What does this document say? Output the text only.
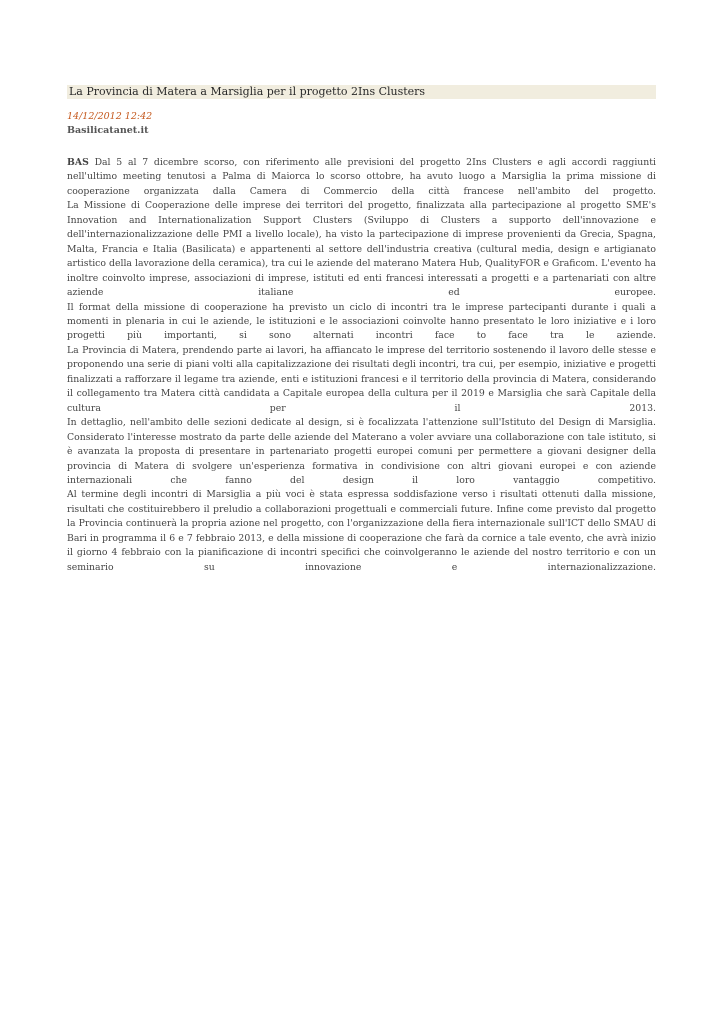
La Provincia di Matera a Marsiglia per il progetto 2Ins Clusters
14/12/2012 12:42
Basilicatanet.it

BAS Dal 5 al 7 dicembre scorso, con riferimento alle previsioni del progetto 2Ins Clusters e agli accordi raggiunti nell'ultimo meeting tenutosi a Palma di Maiorca lo scorso ottobre, ha avuto luogo a Marsiglia la prima missione di cooperazione organizzata dalla Camera di Commercio della città francese nell'ambito del progetto.

La Missione di Cooperazione delle imprese dei territori del progetto, finalizzata alla partecipazione al progetto SME's Innovation and Internationalization Support Clusters (Sviluppo di Clusters a supporto dell'innovazione e dell'internazionalizzazione delle PMI a livello locale), ha visto la partecipazione di imprese provenienti da Grecia, Spagna, Malta, Francia e Italia (Basilicata) e appartenenti al settore dell'industria creativa (cultural media, design e artigianato artistico della lavorazione della ceramica), tra cui le aziende del materano Matera Hub, QualityFOR e Graficom. L'evento ha inoltre coinvolto imprese, associazioni di imprese, istituti ed enti francesi interessati a progetti e a partenariati con altre aziende italiane ed europee.

Il format della missione di cooperazione ha previsto un ciclo di incontri tra le imprese partecipanti durante i quali a momenti in plenaria in cui le aziende, le istituzioni e le associazioni coinvolte hanno presentato le loro iniziative e i loro progetti più importanti, si sono alternati incontri face to face tra le aziende.

La Provincia di Matera, prendendo parte ai lavori, ha affiancato le imprese del territorio sostenendo il lavoro delle stesse e proponendo una serie di piani volti alla capitalizzazione dei risultati degli incontri, tra cui, per esempio, iniziative e progetti finalizzati a rafforzare il legame tra aziende, enti e istituzioni francesi e il territorio della provincia di Matera, considerando il collegamento tra Matera città candidata a Capitale europea della cultura per il 2019 e Marsiglia che sarà Capitale della cultura per il 2013.

In dettaglio, nell'ambito delle sezioni dedicate al design, si è focalizzata l'attenzione sull'Istituto del Design di Marsiglia. Considerato l'interesse mostrato da parte delle aziende del Materano a voler avviare una collaborazione con tale istituto, si è avanzata la proposta di presentare in partenariato progetti europei comuni per permettere a giovani designer della provincia di Matera di svolgere un'esperienza formativa in condivisione con altri giovani europei e con aziende internazionali che fanno del design il loro vantaggio competitivo.

Al termine degli incontri di Marsiglia a più voci è stata espressa soddisfazione verso i risultati ottenuti dalla missione, risultati che costituirebbero il preludio a collaborazioni progettuali e commerciali future. Infine come previsto dal progetto la Provincia continuerà la propria azione nel progetto, con l'organizzazione della fiera internazionale sull'ICT dello SMAU di Bari in programma il 6 e 7 febbraio 2013, e della missione di cooperazione che farà da cornice a tale evento, che avrà inizio il giorno 4 febbraio con la pianificazione di incontri specifici che coinvolgeranno le aziende del nostro territorio e con un seminario su innovazione e internazionalizzazione.
